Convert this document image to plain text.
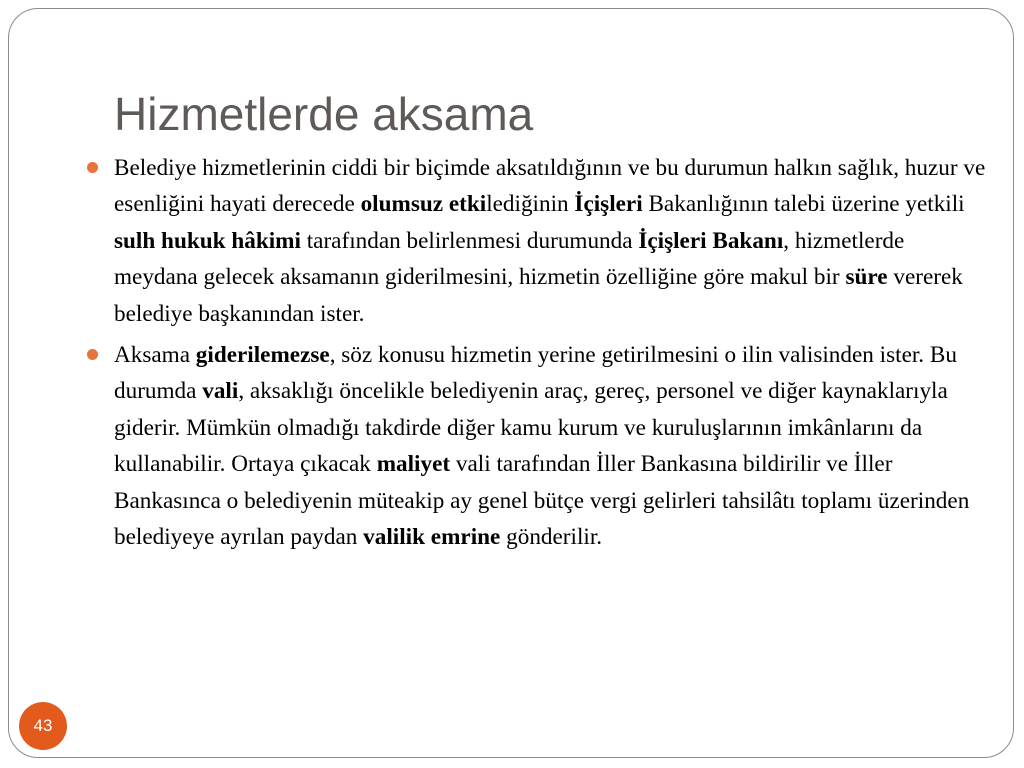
Hizmetlerde aksama
Belediye hizmetlerinin ciddi bir biçimde aksatıldığının ve bu durumun halkın sağlık, huzur ve esenliğini hayati derecede olumsuz etkilediğinin İçişleri Bakanlığının talebi üzerine yetkili sulh hukuk hâkimi tarafından belirlenmesi durumunda İçişleri Bakanı, hizmetlerde meydana gelecek aksamanın giderilmesini, hizmetin özelliğine göre makul bir süre vererek belediye başkanından ister.
Aksama giderilemezse, söz konusu hizmetin yerine getirilmesini o ilin valisinden ister. Bu durumda vali, aksaklığı öncelikle belediyenin araç, gereç, personel ve diğer kaynaklarıyla giderir. Mümkün olmadığı takdirde diğer kamu kurum ve kuruluşlarının imkânlarını da kullanabilir. Ortaya çıkacak maliyet vali tarafından İller Bankasına bildirilir ve İller Bankasınca o belediyenin müteakip ay genel bütçe vergi gelirleri tahsilâtı toplamı üzerinden belediyeye ayrılan paydan valilik emrine gönderilir.
43
